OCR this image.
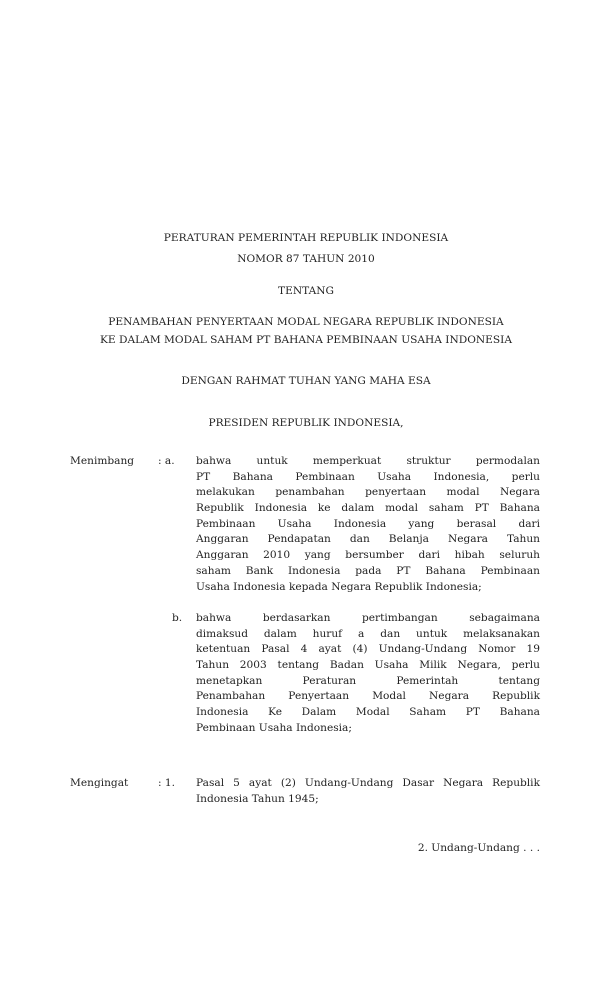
PERATURAN PEMERINTAH REPUBLIK INDONESIA
NOMOR 87 TAHUN 2010
TENTANG
PENAMBAHAN PENYERTAAN MODAL NEGARA REPUBLIK INDONESIA
KE DALAM MODAL SAHAM PT BAHANA PEMBINAAN USAHA INDONESIA
DENGAN RAHMAT TUHAN YANG MAHA ESA
PRESIDEN REPUBLIK INDONESIA,
Menimbang : a. bahwa untuk memperkuat struktur permodalan
PT Bahana Pembinaan Usaha Indonesia, perlu
melakukan penambahan penyertaan modal Negara
Republik Indonesia ke dalam modal saham PT Bahana
Pembinaan Usaha Indonesia yang berasal dari
Anggaran Pendapatan dan Belanja Negara Tahun
Anggaran 2010 yang bersumber dari hibah seluruh
saham Bank Indonesia pada PT Bahana Pembinaan
Usaha Indonesia kepada Negara Republik Indonesia;
b. bahwa berdasarkan pertimbangan sebagaimana
dimaksud dalam huruf a dan untuk melaksanakan
ketentuan Pasal 4 ayat (4) Undang-Undang Nomor 19
Tahun 2003 tentang Badan Usaha Milik Negara, perlu
menetapkan Peraturan Pemerintah tentang
Penambahan Penyertaan Modal Negara Republik
Indonesia Ke Dalam Modal Saham PT Bahana
Pembinaan Usaha Indonesia;
Mengingat	: 1. Pasal 5 ayat (2) Undang-Undang Dasar Negara Republik
Indonesia Tahun 1945;
2. Undang-Undang . . .
